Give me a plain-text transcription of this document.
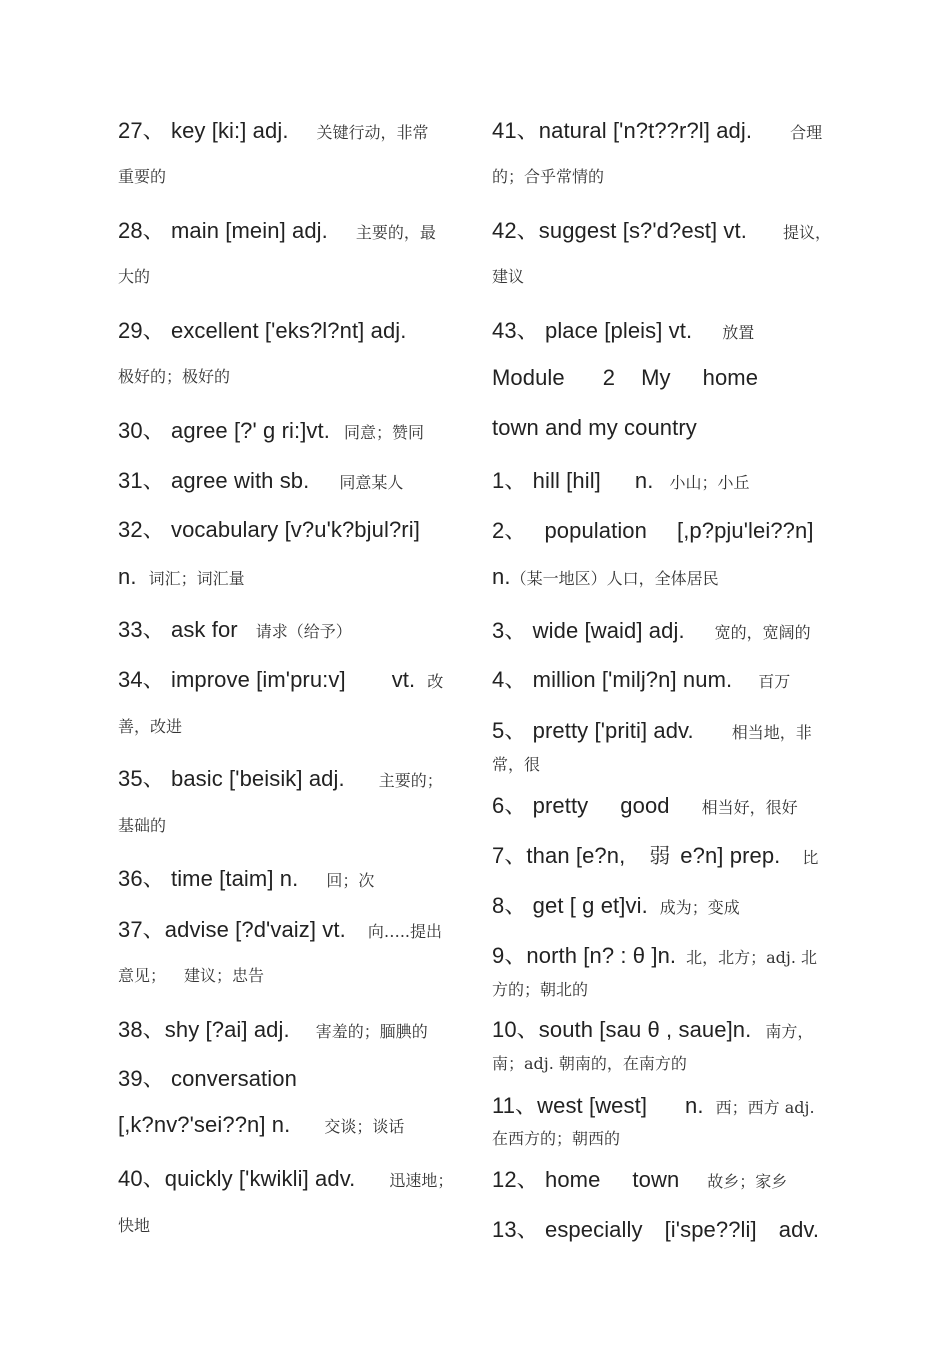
27、 key [ki:] adj. 关键行动，非常
重要的
28、 main [mein] adj. 主要的，最
大的
29、 excellent ['eks?l?nt] adj.
极好的；极好的
30、 agree [?' ɡ ri:]vt. 同意；赞同
31、 agree with sb. 同意某人
32、 vocabulary [v?u'k?bjul?ri]
n. 词汇；词汇量
33、 ask for 请求（给予）
34、 improve [im'pru:v] vt. 改
善，改进
35、 basic ['beisik] adj. 主要的；
基础的
36、 time [taim] n. 回；次
37、advise [?d'vaiz] vt. 向…..提出
意见； 建议；忠告
38、shy [?ai] adj. 害羞的；腼腆的
39、 conversation
[,k?nv?'sei??n] n. 交谈；谈话
40、quickly ['kwikli] adv. 迅速地；
快地
41、natural ['n?t??r?l] adj. 合理
的；合乎常情的
42、suggest [s?'d?est] vt. 提议，
建议
43、 place [pleis] vt. 放置
Module 2 My home
town and my country
1、 hill [hil] n. 小山；小丘
2、 population [,p?pju'lei??n]
n.（某一地区）人口，全体居民
3、 wide [waid] adj. 宽的，宽阔的
4、 million ['milj?n] num. 百万
5、 pretty ['priti] adv. 相当地，非
常，很
6、 pretty good 相当好，很好
7、than [e?n, 弱 e?n] prep. 比
8、 get [ ɡ et]vi. 成为；变成
9、north [n? : θ ]n. 北，北方；adj. 北
方的；朝北的
10、south [sau θ , saue]n. 南方，
南；adj. 朝南的，在南方的
11、west [west] n. 西；西方 adj.
在西方的；朝西的
12、 home town 故乡；家乡
13、 especially [i'spe??li] adv.
